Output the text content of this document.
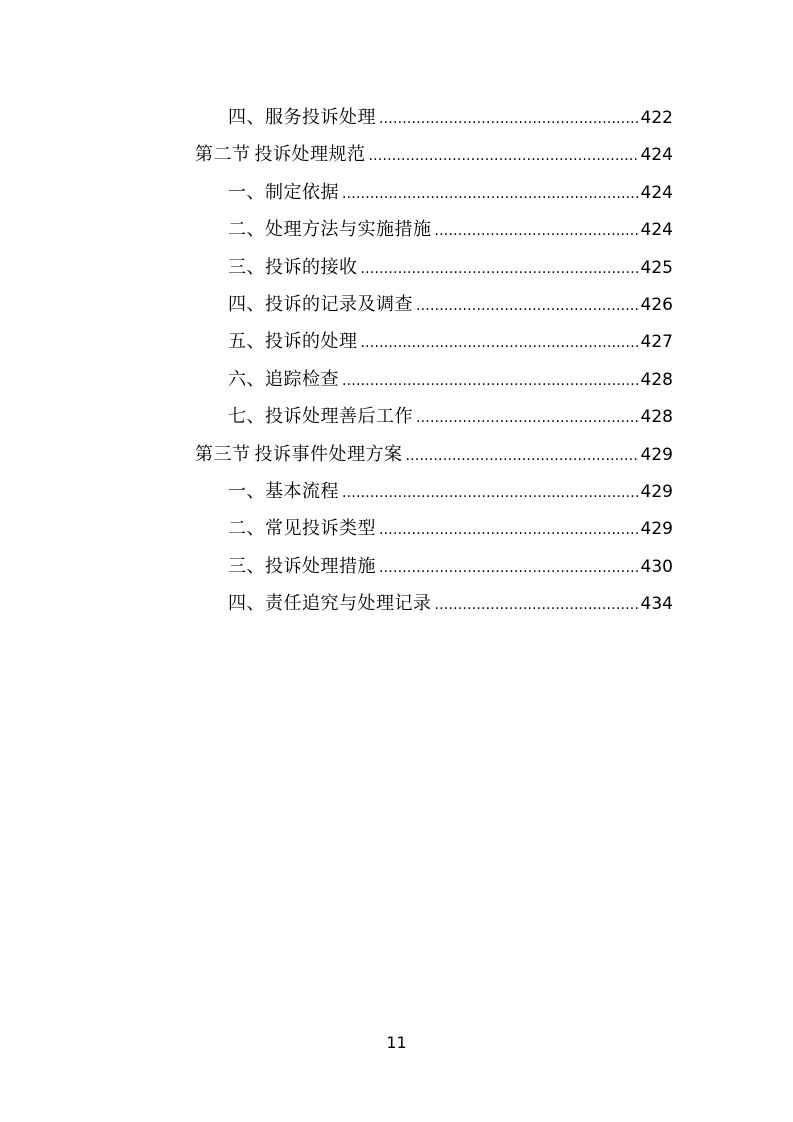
四、服务投诉处理 .....	422
第二节 投诉处理规范 .....	424
一、制定依据 .....	424
二、处理方法与实施措施 .....	424
三、投诉的接收 .....	425
四、投诉的记录及调查 .....	426
五、投诉的处理 .....	427
六、追踪检查 .....	428
七、投诉处理善后工作 .....	428
第三节 投诉事件处理方案 .....	429
一、基本流程 .....	429
二、常见投诉类型 .....	429
三、投诉处理措施 .....	430
四、责任追究与处理记录 .....	434
11
